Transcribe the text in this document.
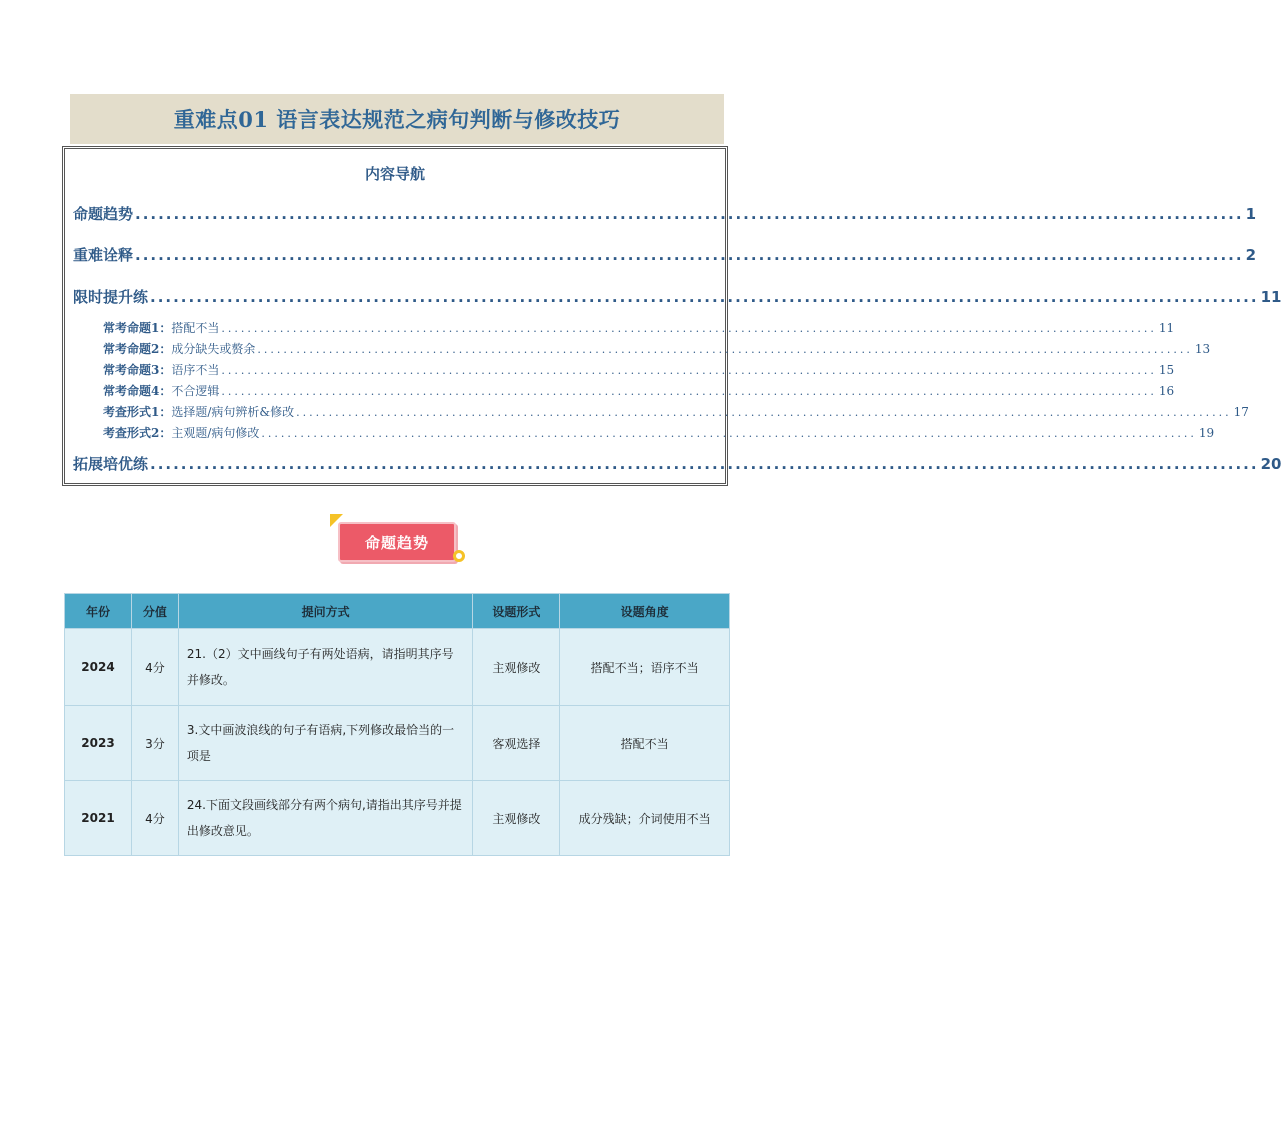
重难点01 语言表达规范之病句判断与修改技巧
内容导航
命题趋势 ................................................................................................................................................ 1
重难诠释 ................................................................................................................................................ 2
限时提升练 ................................................................................................................................................ 11
常考命题1： 搭配不当 ................................................................................................................................................ 11
常考命题2： 成分缺失或赘余 ................................................................................................................................................ 13
常考命题3： 语序不当 ................................................................................................................................................ 15
常考命题4： 不合逻辑 ................................................................................................................................................ 16
考查形式1： 选择题/病句辨析&修改 ................................................................................................................................................ 17
考查形式2： 主观题/病句修改 ................................................................................................................................................ 19
拓展培优练 ................................................................................................................................................ 20
命题趋势
年份	分值	提问方式	设题形式	设题角度
2024	4分	21.（2）文中画线句子有两处语病，请指明其序号并修改。	主观修改	搭配不当；语序不当
2023	3分	3.文中画波浪线的句子有语病,下列修改最恰当的一项是	客观选择	搭配不当
2021	4分	24.下面文段画线部分有两个病句,请指出其序号并提出修改意见。	主观修改	成分残缺；介词使用不当
